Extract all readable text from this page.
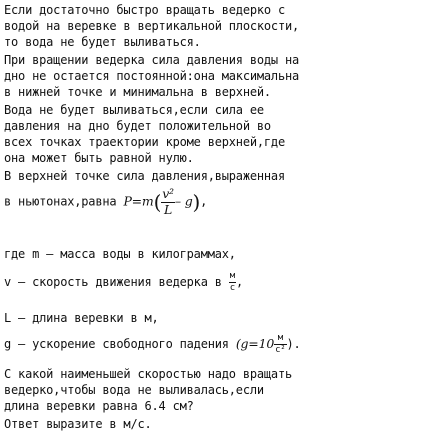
Если достаточно быстро вращать ведерко с
водой на веревке в вертикальной плоскости,
то вода не будет выливаться.
При вращении ведерка сила давления воды на
дно не остается постоянной:она максимальна
в нижней точке и минимальна в верхней.
Вода не будет выливаться,если сила ее
давления на дно будет положительной во
всех точках траектории кроме верхней,где
она может быть равной нулю.
В верхней точке сила давления,выраженная
в ньютонах,равна $P=m( \frac{\text{v²}}{L} - g)$,
где m — масса воды в килограммах,
v — скорость движения ведерка в $\frac{м}{с}$ ,
L — длина веревки в м,
g — ускорение свободного падения ($g=10 \frac{м}{\text{с²}}$ ).
С какой наименьшей скоростью надо вращать
ведерко,чтобы вода не выливалась,если
длина веревки равна 6.4 см?
Ответ выразите в м/с.
